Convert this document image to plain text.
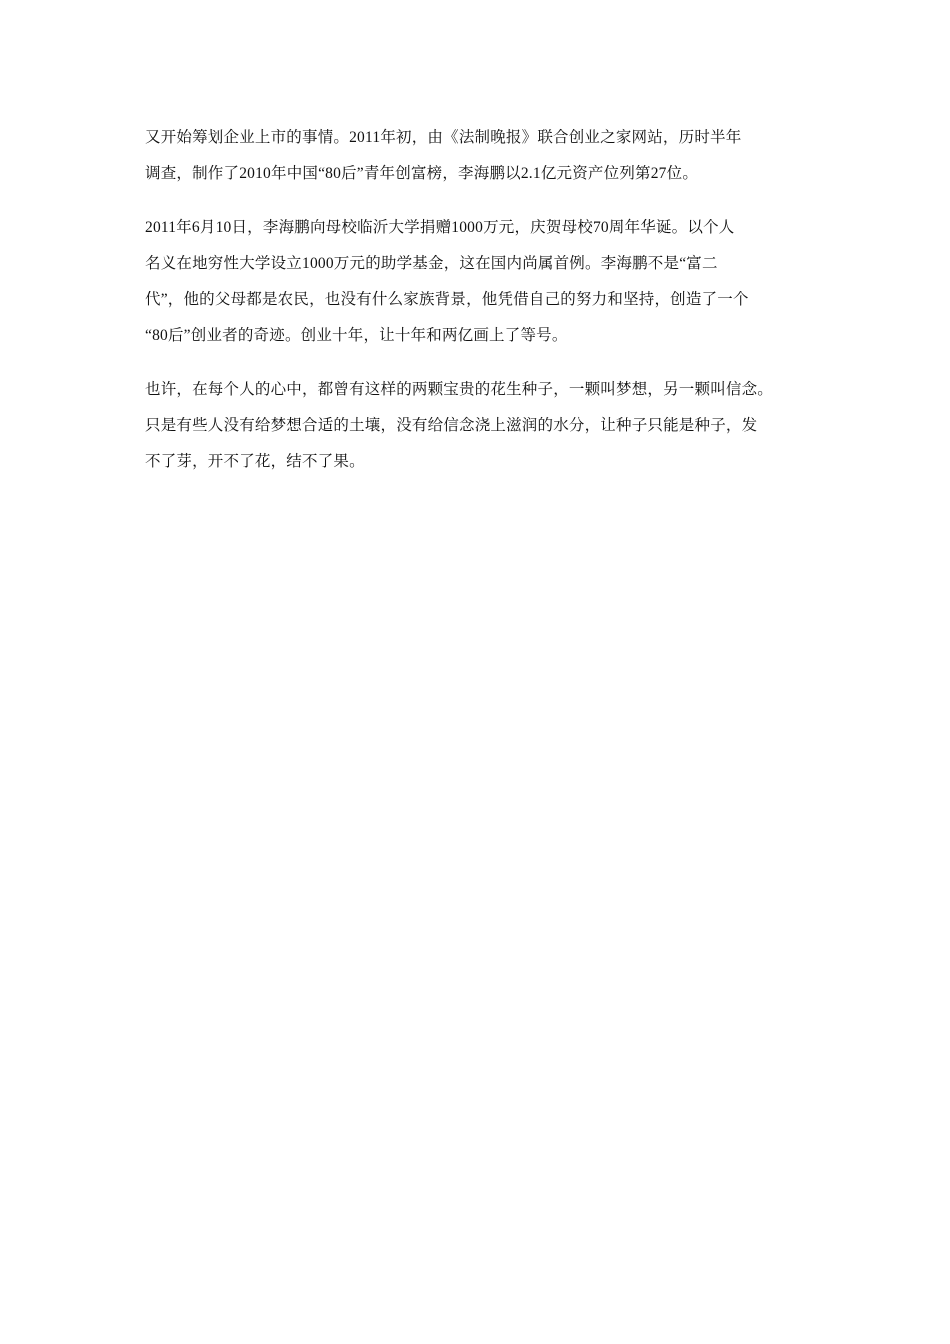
又开始筹划企业上市的事情。2011年初，由《法制晚报》联合创业之家网站，历时半年
调查，制作了2010年中国“80后”青年创富榜，李海鹏以2.1亿元资产位列第27位。

2011年6月10日，李海鹏向母校临沂大学捐赠1000万元，庆贺母校70周年华诞。以个人
名义在地穷性大学设立1000万元的助学基金，这在国内尚属首例。李海鹏不是“富二
代”，他的父母都是农民，也没有什么家族背景，他凭借自己的努力和坚持，创造了一个
“80后”创业者的奇迹。创业十年，让十年和两亿画上了等号。

也许，在每个人的心中，都曾有这样的两颗宝贵的花生种子，一颗叫梦想，另一颗叫信念。
只是有些人没有给梦想合适的土壤，没有给信念浇上滋润的水分，让种子只能是种子，发
不了芽，开不了花，结不了果。
